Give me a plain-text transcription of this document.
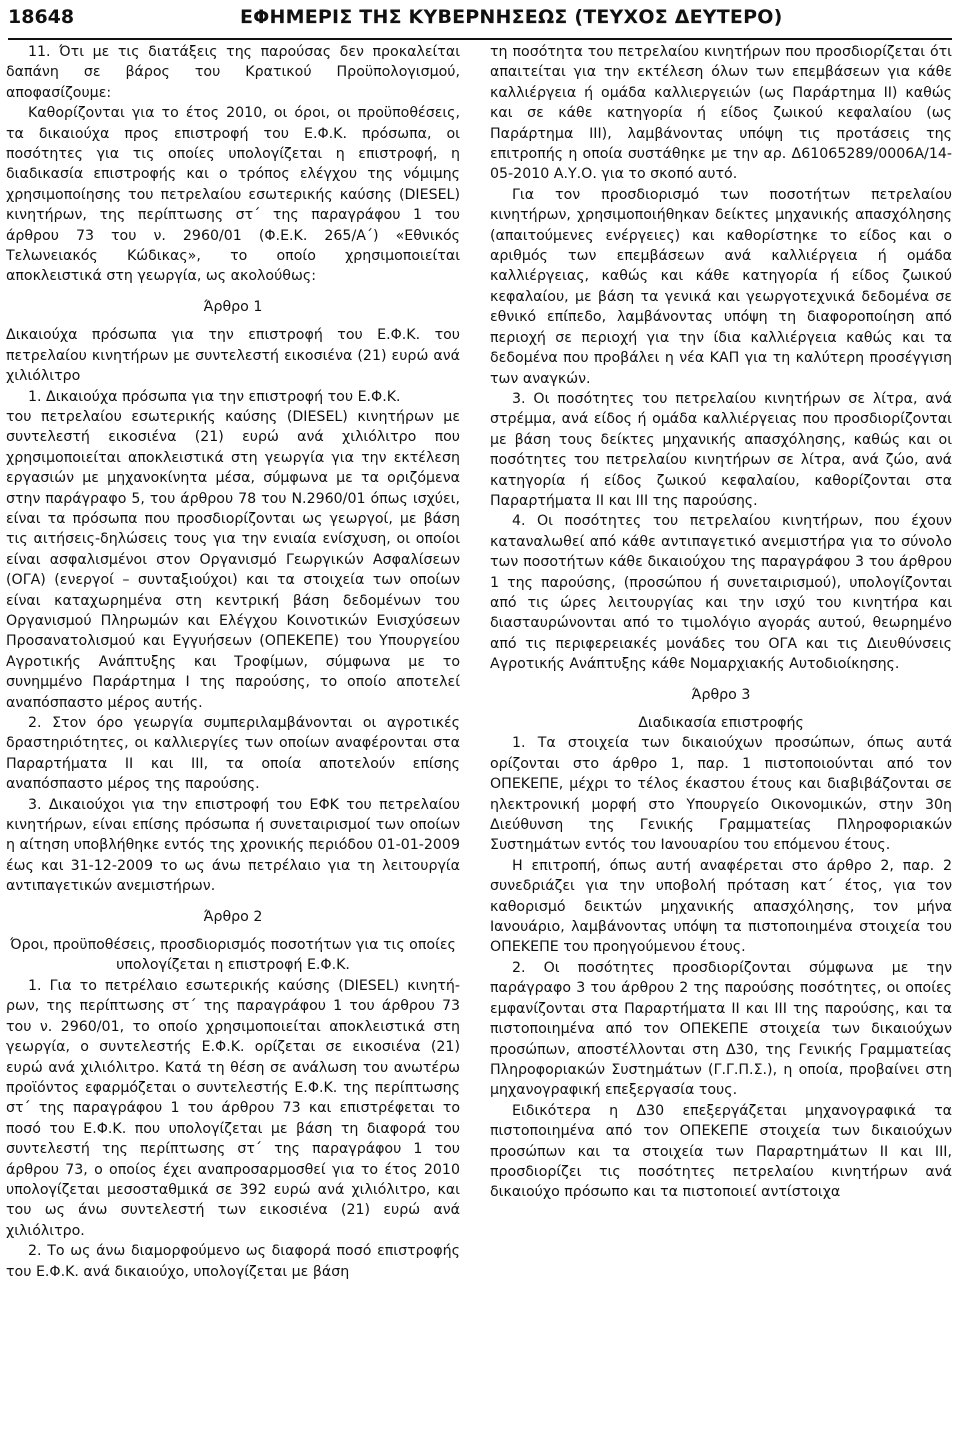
18648	ΕΦΗΜΕΡΙΣ ΤΗΣ ΚΥΒΕΡΝΗΣΕΩΣ (ΤΕΥΧΟΣ ΔΕΥΤΕΡΟ)

11. Ότι με τις διατάξεις της παρούσας δεν προκαλείται δαπάνη σε βάρος του Κρατικού Προϋπολογισμού, αποφασίζουμε:

Καθορίζονται για το έτος 2010, οι όροι, οι προϋποθέσεις, τα δικαιούχα προς επιστροφή του Ε.Φ.Κ. πρόσωπα, οι ποσότητες για τις οποίες υπολογίζεται η επιστροφή, η διαδικασία επιστροφής και ο τρόπος ελέγχου της νόμιμης χρησιμοποίησης του πετρελαίου εσωτερικής καύσης (DIESEL) κινητήρων, της περίπτωσης στ΄ της παραγράφου 1 του άρθρου 73 του ν. 2960/01 (Φ.Ε.Κ. 265/Α΄) «Εθνικός Τελωνειακός Κώδικας», το οποίο χρησιμοποιείται αποκλειστικά στη γεωργία, ως ακολούθως:

Άρθρο 1

Δικαιούχα πρόσωπα για την επιστροφή του Ε.Φ.Κ. του πετρελαίου κινητήρων με συντελεστή εικοσιένα (21) ευρώ ανά χιλιόλιτρο

1. Δικαιούχα πρόσωπα για την επιστροφή του Ε.Φ.Κ.

του πετρελαίου εσωτερικής καύσης (DIESEL) κινητήρων με συντελεστή εικοσιένα (21) ευρώ ανά χιλιόλιτρο που χρησιμοποιείται αποκλειστικά στη γεωργία για την εκτέλεση εργασιών με μηχανοκίνητα μέσα, σύμφωνα με τα οριζόμενα στην παράγραφο 5, του άρθρου 78 του Ν.2960/01 όπως ισχύει, είναι τα πρόσωπα που προσδιορίζονται ως γεωργοί, με βάση τις αιτήσεις-δηλώσεις τους για την ενιαία ενίσχυση, οι οποίοι είναι ασφαλισμένοι στον Οργανισμό Γεωργικών Ασφαλίσεων (ΟΓΑ) (ενεργοί – συνταξιούχοι) και τα στοιχεία των οποίων είναι καταχωρημένα στη κεντρική βάση δεδομένων του Οργανισμού Πληρωμών και Ελέγχου Κοινοτικών Ενισχύσεων Προσανατολισμού και Εγγυήσεων (ΟΠΕΚΕΠΕ) του Υπουργείου Αγροτικής Ανάπτυξης και Τροφίμων, σύμφωνα με το συνημμένο Παράρτημα Ι της παρούσης, το οποίο αποτελεί αναπόσπαστο μέρος αυτής.

2. Στον όρο γεωργία συμπεριλαμβάνονται οι αγροτικές δραστηριότητες, οι καλλιεργίες των οποίων αναφέρονται στα Παραρτήματα ΙΙ και ΙΙΙ, τα οποία αποτελούν επίσης αναπόσπαστο μέρος της παρούσης.

3. Δικαιούχοι για την επιστροφή του ΕΦΚ του πετρελαίου κινητήρων, είναι επίσης πρόσωπα ή συνεταιρισμοί των οποίων η αίτηση υποβλήθηκε εντός της χρονικής περιόδου 01-01-2009 έως και 31-12-2009 το ως άνω πετρέλαιο για τη λειτουργία αντιπαγετικών ανεμιστήρων.

Άρθρο 2

Όροι, προϋποθέσεις, προσδιορισμός ποσοτήτων για τις οποίες υπολογίζεται η επιστροφή Ε.Φ.Κ.

1. Για το πετρέλαιο εσωτερικής καύσης (DIESEL) κινητήρων, της περίπτωσης στ΄ της παραγράφου 1 του άρθρου 73 του ν. 2960/01, το οποίο χρησιμοποιείται αποκλειστικά στη γεωργία, ο συντελεστής Ε.Φ.Κ. ορίζεται σε εικοσιένα (21) ευρώ ανά χιλιόλιτρο. Κατά τη θέση σε ανάλωση του ανωτέρω προϊόντος εφαρμόζεται ο συντελεστής Ε.Φ.Κ. της περίπτωσης στ΄ της παραγράφου 1 του άρθρου 73 και επιστρέφεται το ποσό του Ε.Φ.Κ. που υπολογίζεται με βάση τη διαφορά του συντελεστή της περίπτωσης στ΄ της παραγράφου 1 του άρθρου 73, ο οποίος έχει αναπροσαρμοσθεί για το έτος 2010 υπολογίζεται μεσοσταθμικά σε 392 ευρώ ανά χιλιόλιτρο, και του ως άνω συντελεστή των εικοσιένα (21) ευρώ ανά χιλιόλιτρο.

2. Το ως άνω διαμορφούμενο ως διαφορά ποσό επιστροφής του Ε.Φ.Κ. ανά δικαιούχο, υπολογίζεται με βάση

τη ποσότητα του πετρελαίου κινητήρων που προσδιορίζεται ότι απαιτείται για την εκτέλεση όλων των επεμβάσεων για κάθε καλλιέργεια ή ομάδα καλλιεργειών (ως Παράρτημα ΙΙ) καθώς και σε κάθε κατηγορία ή είδος ζωικού κεφαλαίου (ως Παράρτημα ΙΙΙ), λαμβάνοντας υπόψη τις προτάσεις της επιτροπής η οποία συστάθηκε με την αρ. Δ61065289/0006Α/14-05-2010 Α.Υ.Ο. για το σκοπό αυτό.

Για τον προσδιορισμό των ποσοτήτων πετρελαίου κινητήρων, χρησιμοποιήθηκαν δείκτες μηχανικής απασχόλησης (απαιτούμενες ενέργειες) και καθορίστηκε το είδος και ο αριθμός των επεμβάσεων ανά καλλιέργεια ή ομάδα καλλιέργειας, καθώς και κάθε κατηγορία ή είδος ζωικού κεφαλαίου, με βάση τα γενικά και γεωργοτεχνικά δεδομένα σε εθνικό επίπεδο, λαμβάνοντας υπόψη τη διαφοροποίηση από περιοχή σε περιοχή για την ίδια καλλιέργεια καθώς και τα δεδομένα που προβάλει η νέα ΚΑΠ για τη καλύτερη προσέγγιση των αναγκών.

3. Οι ποσότητες του πετρελαίου κινητήρων σε λίτρα, ανά στρέμμα, ανά είδος ή ομάδα καλλιέργειας που προσδιορίζονται με βάση τους δείκτες μηχανικής απασχόλησης, καθώς και οι ποσότητες του πετρελαίου κινητήρων σε λίτρα, ανά ζώο, ανά κατηγορία ή είδος ζωικού κεφαλαίου, καθορίζονται στα Παραρτήματα ΙΙ και ΙΙΙ της παρούσης.

4. Οι ποσότητες του πετρελαίου κινητήρων, που έχουν καταναλωθεί από κάθε αντιπαγετικό ανεμιστήρα για το σύνολο των ποσοτήτων κάθε δικαιούχου της παραγράφου 3 του άρθρου 1 της παρούσης, (προσώπου ή συνεταιρισμού), υπολογίζονται από τις ώρες λειτουργίας και την ισχύ του κινητήρα και διασταυρώνονται από το τιμολόγιο αγοράς αυτού, θεωρημένο από τις περιφερειακές μονάδες του ΟΓΑ και τις Διευθύνσεις Αγροτικής Ανάπτυξης κάθε Νομαρχιακής Αυτοδιοίκησης.

Άρθρο 3

Διαδικασία επιστροφής

1. Τα στοιχεία των δικαιούχων προσώπων, όπως αυτά ορίζονται στο άρθρο 1, παρ. 1 πιστοποιούνται από τον ΟΠΕΚΕΠΕ, μέχρι το τέλος έκαστου έτους και διαβιβάζονται σε ηλεκτρονική μορφή στο Υπουργείο Οικονομικών, στην 30η Διεύθυνση της Γενικής Γραμματείας Πληροφοριακών Συστημάτων εντός του Ιανουαρίου του επόμενου έτους.

Η επιτροπή, όπως αυτή αναφέρεται στο άρθρο 2, παρ. 2 συνεδριάζει για την υποβολή πρόταση κατ΄ έτος, για τον καθορισμό δεικτών μηχανικής απασχόλησης, τον μήνα Ιανουάριο, λαμβάνοντας υπόψη τα πιστοποιημένα στοιχεία του ΟΠΕΚΕΠΕ του προηγούμενου έτους.

2. Οι ποσότητες προσδιορίζονται σύμφωνα με την παράγραφο 3 του άρθρου 2 της παρούσης ποσότητες, οι οποίες εμφανίζονται στα Παραρτήματα ΙΙ και ΙΙΙ της παρούσης, και τα πιστοποιημένα από τον ΟΠΕΚΕΠΕ στοιχεία των δικαιούχων προσώπων, αποστέλλονται στη Δ30, της Γενικής Γραμματείας Πληροφοριακών Συστημάτων (Γ.Γ.Π.Σ.), η οποία, προβαίνει στη μηχανογραφική επεξεργασία τους.

Ειδικότερα η Δ30 επεξεργάζεται μηχανογραφικά τα πιστοποιημένα από τον ΟΠΕΚΕΠΕ στοιχεία των δικαιούχων προσώπων και τα στοιχεία των Παραρτημάτων ΙΙ και ΙΙΙ, προσδιορίζει τις ποσότητες πετρελαίου κινητήρων ανά δικαιούχο πρόσωπο και τα πιστοποιεί αντίστοιχα
